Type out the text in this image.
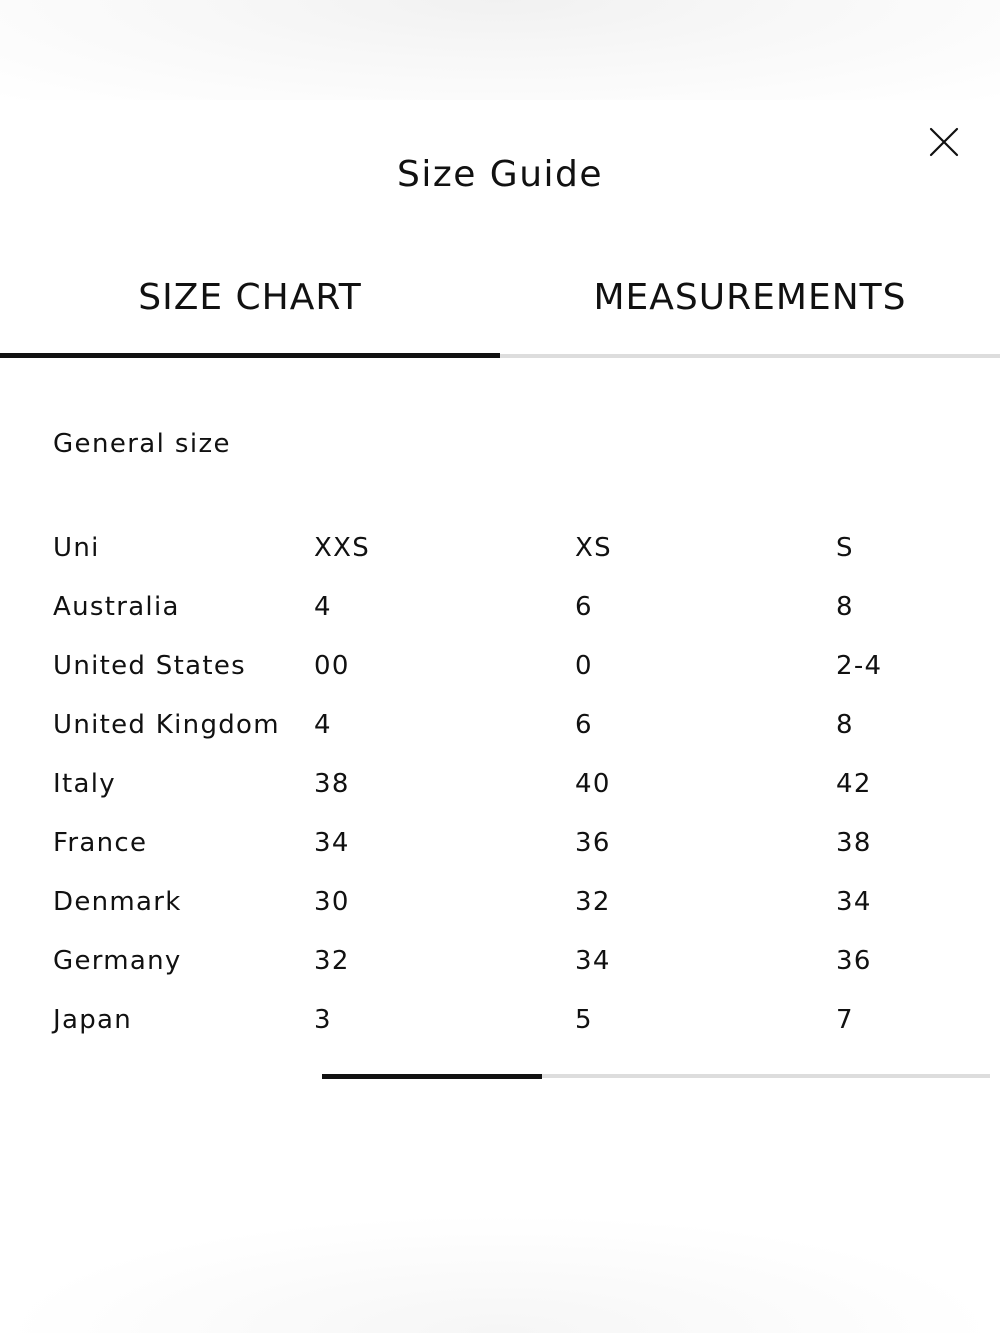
Size Guide
SIZE CHART	MEASUREMENTS
General size
Uni	XXS	XS	S
Australia	4	6	8
United States	00	0	2-4
United Kingdom 4	6	8
Italy	38	40	42
France	34	36	38
Denmark	30	32	34
Germany	32	34	36
Japan	3	5	7
